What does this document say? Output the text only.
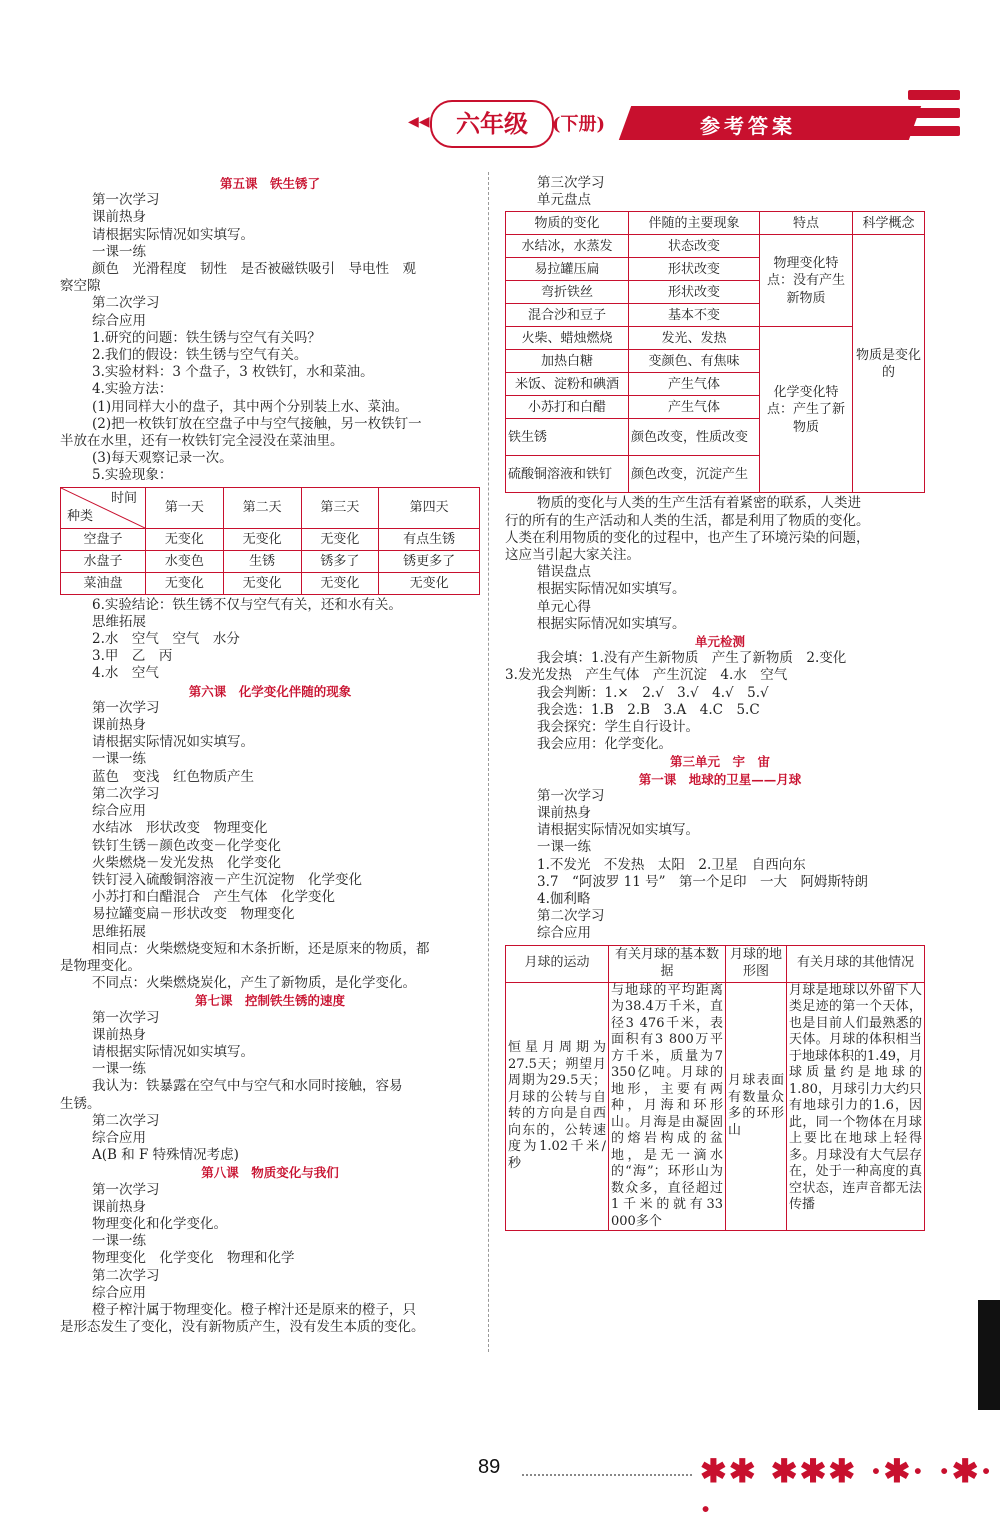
◀◀	六年级	(下册)	参考答案
第五课　铁生锈了
第一次学习
课前热身
请根据实际情况如实填写。
一课一练
颜色　光滑程度　韧性　是否被磁铁吸引　导电性　观
察空隙
第二次学习
综合应用
1.研究的问题：铁生锈与空气有关吗？
2.我们的假设：铁生锈与空气有关。
3.实验材料：3 个盘子，3 枚铁钉，水和菜油。
4.实验方法：
(1)用同样大小的盘子，其中两个分别装上水、菜油。
(2)把一枚铁钉放在空盘子中与空气接触，另一枚铁钉一
半放在水里，还有一枚铁钉完全浸没在菜油里。
(3)每天观察记录一次。
5.实验现象：
时间
种类	第一天	第二天	第三天	第四天
空盘子	无变化	无变化	无变化	有点生锈
水盘子	水变色	生锈	锈多了	锈更多了
菜油盘	无变化	无变化	无变化	无变化
6.实验结论：铁生锈不仅与空气有关，还和水有关。
思维拓展
2.水　空气　空气　水分
3.甲　乙　丙
4.水　空气
第六课　化学变化伴随的现象
第一次学习
课前热身
请根据实际情况如实填写。
一课一练
蓝色　变浅　红色物质产生
第二次学习
综合应用
水结冰　形状改变　物理变化
铁钉生锈－颜色改变－化学变化
火柴燃烧－发光发热　化学变化
铁钉浸入硫酸铜溶液－产生沉淀物　化学变化
小苏打和白醋混合　产生气体　化学变化
易拉罐变扁－形状改变　物理变化
思维拓展
相同点：火柴燃烧变短和木条折断，还是原来的物质，都
是物理变化。
不同点：火柴燃烧炭化，产生了新物质，是化学变化。
第七课　控制铁生锈的速度
第一次学习
课前热身
请根据实际情况如实填写。
一课一练
我认为：铁暴露在空气中与空气和水同时接触，容易
生锈。
第二次学习
综合应用
A(B 和 F 特殊情况考虑)
第八课　物质变化与我们
第一次学习
课前热身
物理变化和化学变化。
一课一练
物理变化　化学变化　物理和化学
第二次学习
综合应用
橙子榨汁属于物理变化。橙子榨汁还是原来的橙子，只
是形态发生了变化，没有新物质产生，没有发生本质的变化。
第三次学习
单元盘点
物质的变化	伴随的主要现象	特点	科学概念
水结冰，水蒸发	状态改变	物理变化特点：没有产生新物质	物质是变化的
易拉罐压扁	形状改变		
弯折铁丝	形状改变		
混合沙和豆子	基本不变		
火柴、蜡烛燃烧	发光、发热	化学变化特点：产生了新物质	
加热白糖	变颜色、有焦味		
米饭、淀粉和碘酒	产生气体		
小苏打和白醋	产生气体		
铁生锈	颜色改变，性质改变		
硫酸铜溶液和铁钉	颜色改变，沉淀产生		
物质的变化与人类的生产生活有着紧密的联系，人类进
行的所有的生产活动和人类的生活，都是利用了物质的变化。
人类在利用物质的变化的过程中，也产生了环境污染的问题，
这应当引起大家关注。
错误盘点
根据实际情况如实填写。
单元心得
根据实际情况如实填写。
单元检测
我会填：1.没有产生新物质　产生了新物质　2.变化
3.发光发热　产生气体　产生沉淀　4.水　空气
我会判断：1.×　2.√　3.√　4.√　5.√
我会选：1.B　2.B　3.A　4.C　5.C
我会探究：学生自行设计。
我会应用：化学变化。
第三单元　宇　宙
第一课　地球的卫星——月球
第一次学习
课前热身
请根据实际情况如实填写。
一课一练
1.不发光　不发热　太阳　2.卫星　自西向东
3.7　“阿波罗 11 号”　第一个足印　一大　阿姆斯特朗
4.伽利略
第二次学习
综合应用
月球的运动	有关月球的基本数据	月球的地形图	有关月球的其他情况
恒星月周期为27.5天；朔望月周期为29.5天；月球的公转与自转的方向是自西向东的，公转速度为1.02千米/秒	与地球的平均距离为38.4万千米，直径3 476千米，表面积有3 800万平方千米，质量为7 350亿吨。月球的地形，主要有两种，月海和环形山。月海是由凝固的熔岩构成的盆地，是无一滴水的“海”；环形山为数众多，直径超过1千米的就有33 000多个	月球表面有数量众多的环形山	月球是地球以外留下人类足迹的第一个天体，也是目前人们最熟悉的天体。月球的体积相当于地球体积的1.49，月球质量约是地球的1.80，月球引力大约只有地球引力的1.6，因此，同一个物体在月球上要比在地球上轻得多。月球没有大气层存在，处于一种高度的真空状态，连声音都无法传播
89	✱✱ ✱✱✱ ·✱· ·✱· ·
